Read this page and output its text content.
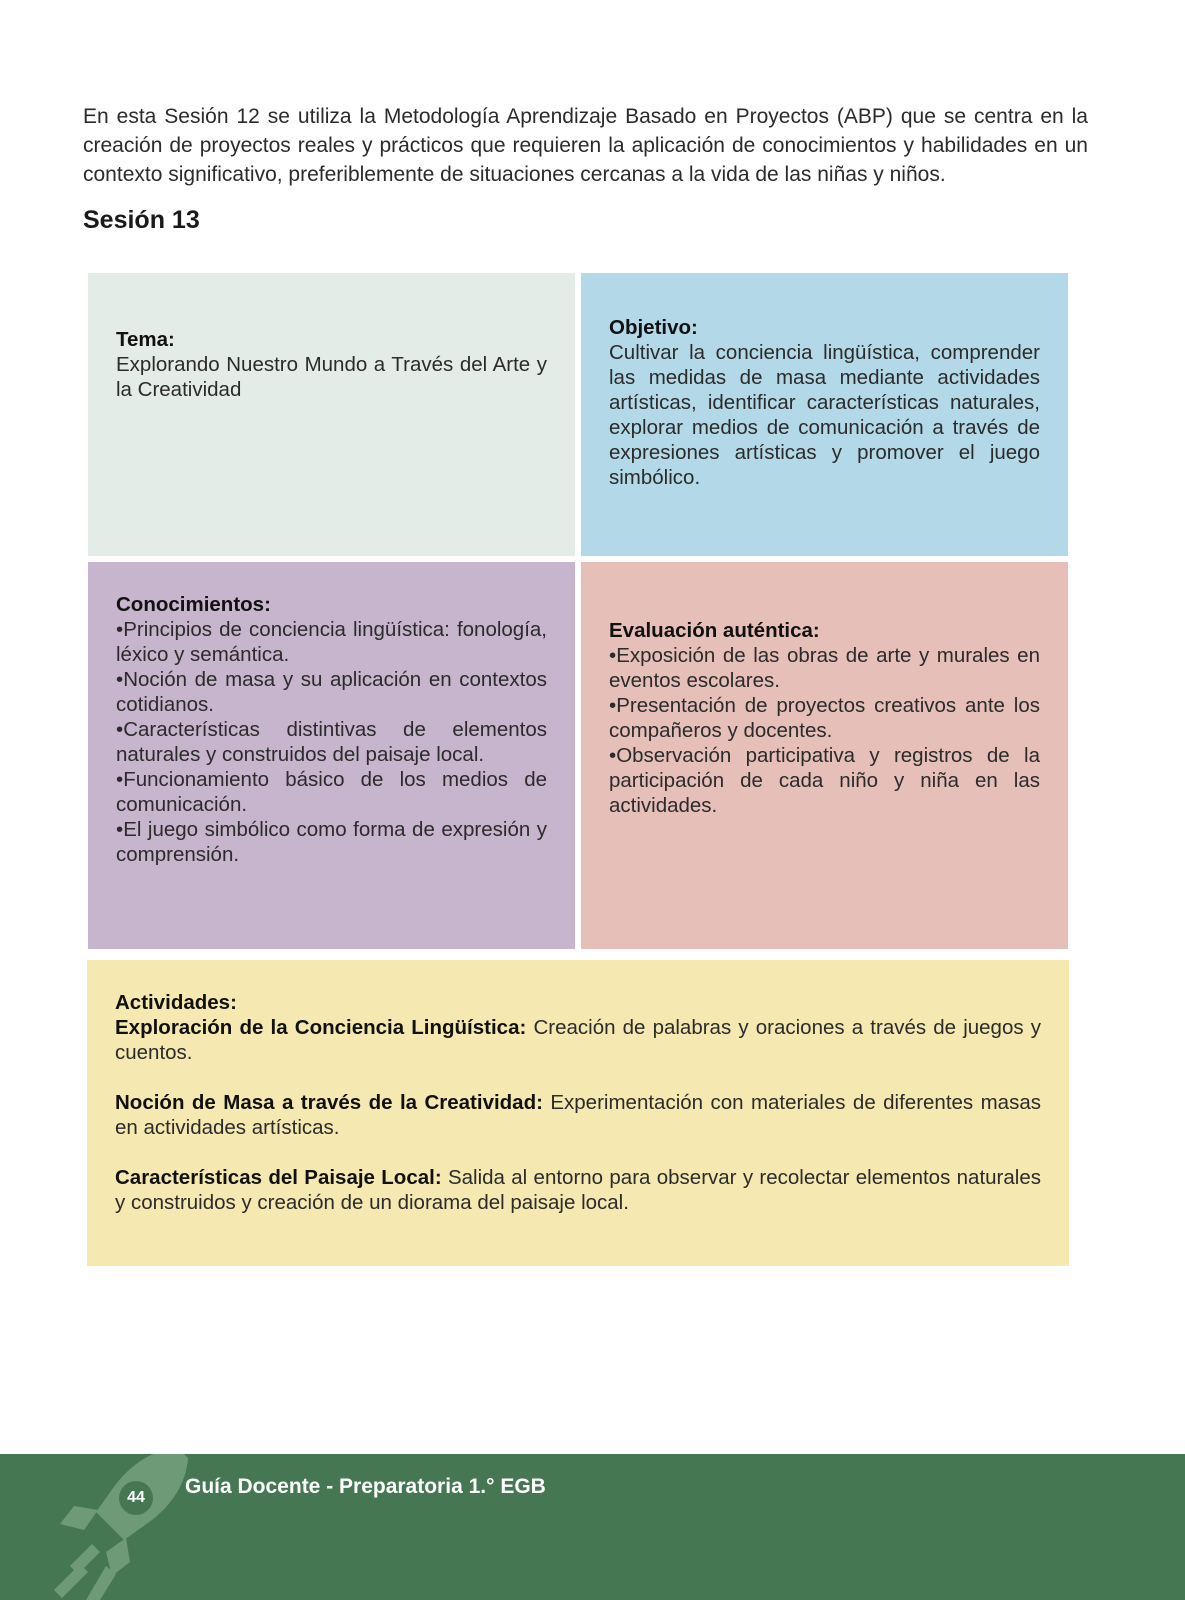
En esta Sesión 12 se utiliza la Metodología Aprendizaje Basado en Proyectos (ABP) que se centra en la creación de proyectos reales y prácticos que requieren la aplicación de conocimientos y habilidades en un contexto significativo, preferiblemente de situaciones cercanas a la vida de las niñas y niños.

Sesión 13

Tema:

Explorando Nuestro Mundo a Través del Arte y la Creatividad

Objetivo:

Cultivar la conciencia lingüística, comprender las medidas de masa mediante actividades artísticas, identificar características naturales, explorar medios de comunicación a través de expresiones artísticas y promover el juego simbólico.

Conocimientos:

• Principios de conciencia lingüística: fonología, léxico y semántica.
• Noción de masa y su aplicación en contextos cotidianos.
• Características distintivas de elementos naturales y construidos del paisaje local.
• Funcionamiento básico de los medios de comunicación.
• El juego simbólico como forma de expresión y comprensión.

Evaluación auténtica:

• Exposición de las obras de arte y murales en eventos escolares.
• Presentación de proyectos creativos ante los compañeros y docentes.
• Observación participativa y registros de la participación de cada niño y niña en las actividades.

Actividades:

Exploración de la Conciencia Lingüística: Creación de palabras y oraciones a través de juegos y cuentos.

Noción de Masa a través de la Creatividad: Experimentación con materiales de diferentes masas en actividades artísticas.

Características del Paisaje Local: Salida al entorno para observar y recolectar elementos naturales y construidos y creación de un diorama del paisaje local.

44	Guía Docente - Preparatoria 1.° EGB
